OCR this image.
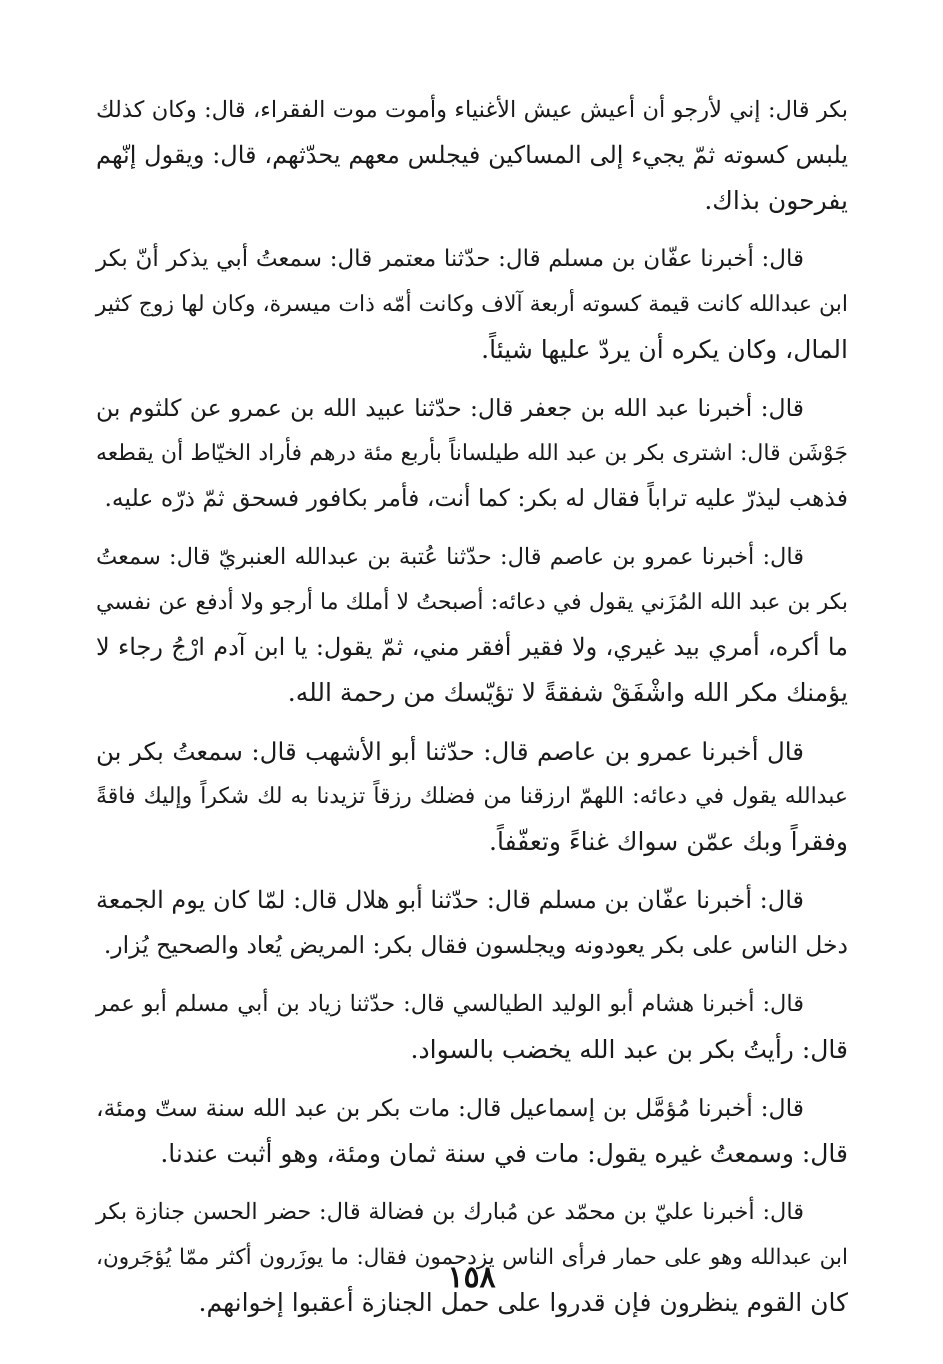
بكر قال: إني لأرجو أن أعيش عيش الأغنياء وأموت موت الفقراء، قال: وكان كذلك
يلبس كسوته ثمّ يجيء إلى المساكين فيجلس معهم يحدّثهم، قال: ويقول إنّهم
يفرحون بذاك.
قال: أخبرنا عفّان بن مسلم قال: حدّثنا معتمر قال: سمعتُ أبي يذكر أنّ بكر
ابن عبدالله كانت قيمة كسوته أربعة آلاف وكانت أمّه ذات ميسرة، وكان لها زوج كثير
المال، وكان يكره أن يردّ عليها شيئاً.
قال: أخبرنا عبد الله بن جعفر قال: حدّثنا عبيد الله بن عمرو عن كلثوم بن
جَوْشَن قال: اشترى بكر بن عبد الله طيلساناً بأربع مئة درهم فأراد الخيّاط أن يقطعه
فذهب ليذرّ عليه تراباً فقال له بكر: كما أنت، فأمر بكافور فسحق ثمّ ذرّه عليه.
قال: أخبرنا عمرو بن عاصم قال: حدّثنا عُتبة بن عبدالله العنبريّ قال: سمعتُ
بكر بن عبد الله المُزَني يقول في دعائه: أصبحتُ لا أملك ما أرجو ولا أدفع عن نفسي
ما أكره، أمري بيد غيري، ولا فقير أفقر مني، ثمّ يقول: يا ابن آدم ارْجُ رجاء لا
يؤمنك مكر الله واشْفَقْ شفقةً لا تؤيّسك من رحمة الله.
قال أخبرنا عمرو بن عاصم قال: حدّثنا أبو الأشهب قال: سمعتُ بكر بن
عبدالله يقول في دعائه: اللهمّ ارزقنا من فضلك رزقاً تزيدنا به لك شكراً وإليك فاقةً
وفقراً وبك عمّن سواك غناءً وتعفّفاً.
قال: أخبرنا عفّان بن مسلم قال: حدّثنا أبو هلال قال: لمّا كان يوم الجمعة
دخل الناس على بكر يعودونه ويجلسون فقال بكر: المريض يُعاد والصحيح يُزار.
قال: أخبرنا هشام أبو الوليد الطيالسي قال: حدّثنا زياد بن أبي مسلم أبو عمر
قال: رأيتُ بكر بن عبد الله يخضب بالسواد.
قال: أخبرنا مُؤمَّل بن إسماعيل قال: مات بكر بن عبد الله سنة ستّ ومئة،
قال: وسمعتُ غيره يقول: مات في سنة ثمان ومئة، وهو أثبت عندنا.
قال: أخبرنا عليّ بن محمّد عن مُبارك بن فضالة قال: حضر الحسن جنازة بكر
ابن عبدالله وهو على حمار فرأى الناس يزدحمون فقال: ما يوزَرون أكثر ممّا يُؤجَرون،
كان القوم ينظرون فإن قدروا على حمل الجنازة أعقبوا إخوانهم.
١٥٨
